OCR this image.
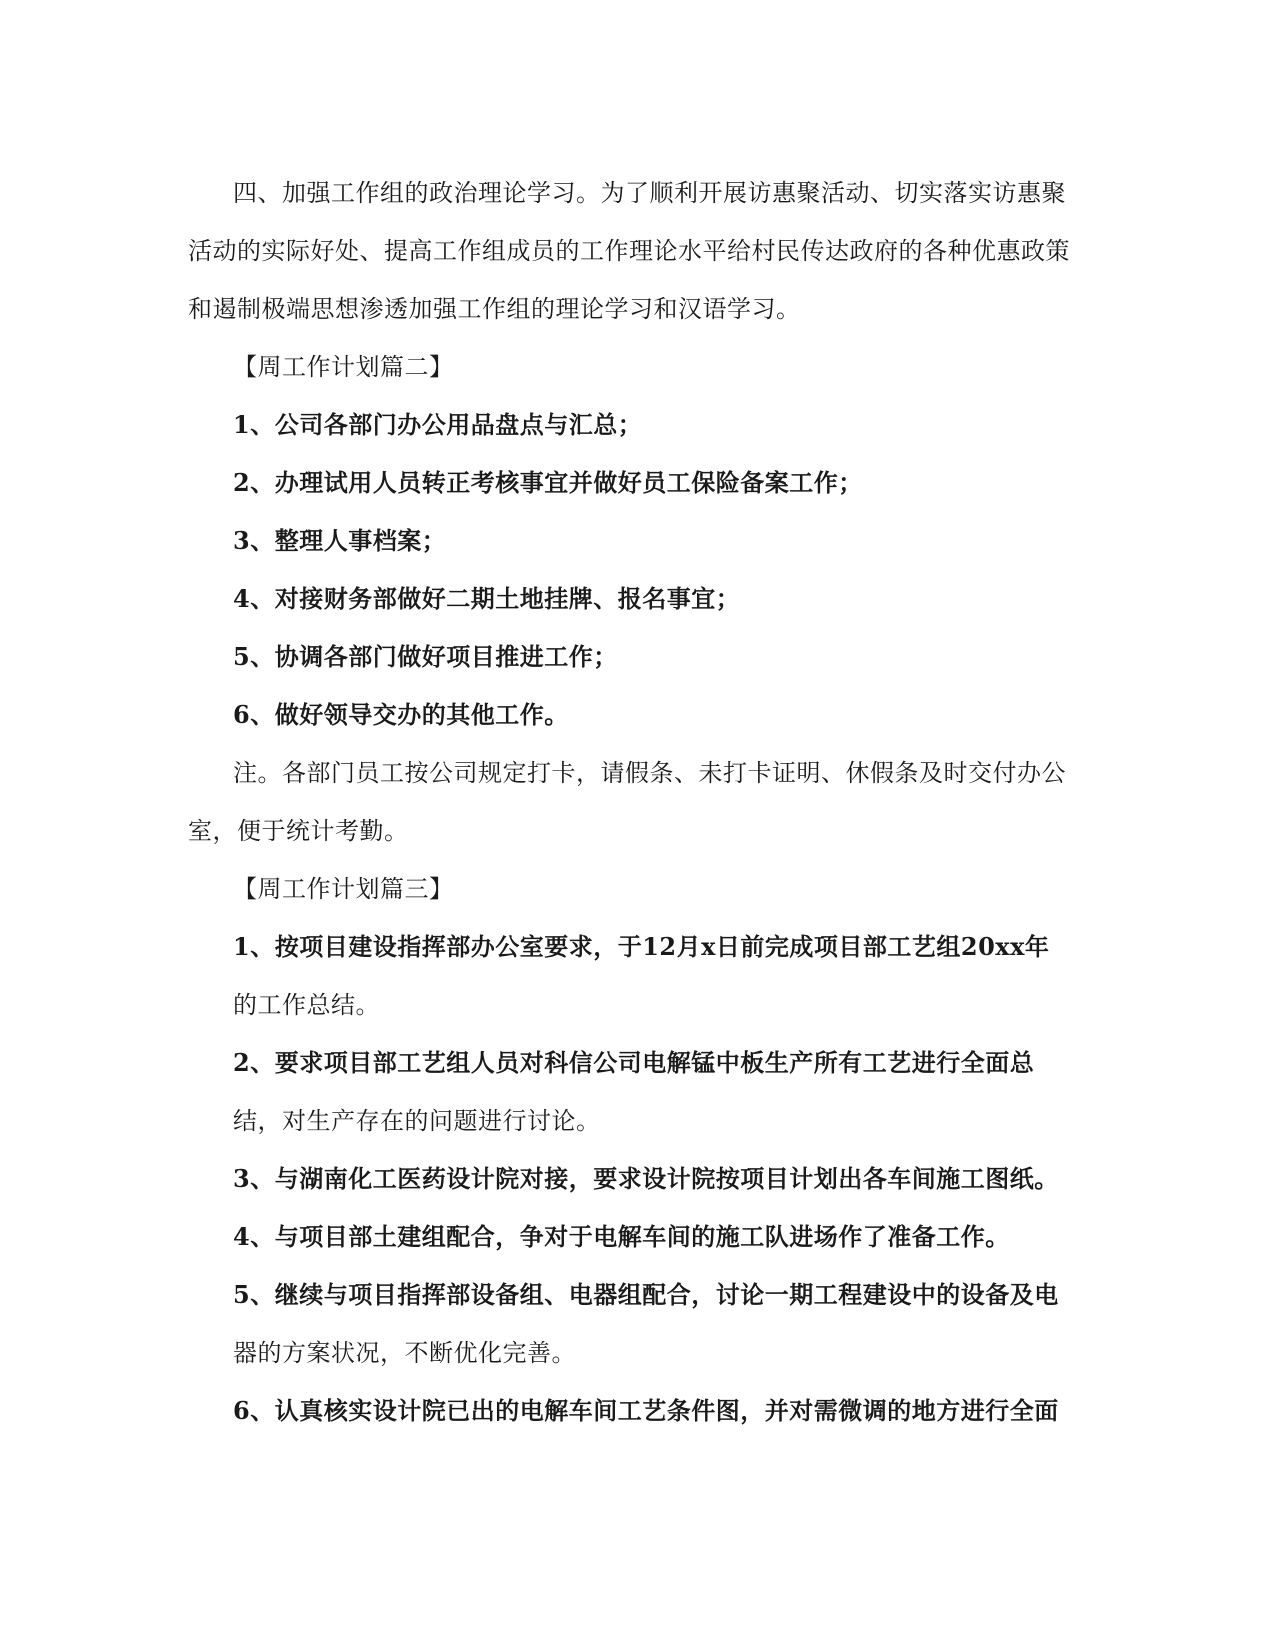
四、加强工作组的政治理论学习。为了顺利开展访惠聚活动、切实落实访惠聚
活动的实际好处、提高工作组成员的工作理论水平给村民传达政府的各种优惠政策
和遏制极端思想渗透加强工作组的理论学习和汉语学习。
【周工作计划篇二】
1、公司各部门办公用品盘点与汇总；
2、办理试用人员转正考核事宜并做好员工保险备案工作；
3、整理人事档案；
4、对接财务部做好二期土地挂牌、报名事宜；
5、协调各部门做好项目推进工作；
6、做好领导交办的其他工作。
注。各部门员工按公司规定打卡，请假条、未打卡证明、休假条及时交付办公
室，便于统计考勤。
【周工作计划篇三】
1、按项目建设指挥部办公室要求，于12月x日前完成项目部工艺组20xx年
的工作总结。
2、要求项目部工艺组人员对科信公司电解锰中板生产所有工艺进行全面总
结，对生产存在的问题进行讨论。
3、与湖南化工医药设计院对接，要求设计院按项目计划出各车间施工图纸。
4、与项目部土建组配合，争对于电解车间的施工队进场作了准备工作。
5、继续与项目指挥部设备组、电器组配合，讨论一期工程建设中的设备及电
器的方案状况，不断优化完善。
6、认真核实设计院已出的电解车间工艺条件图，并对需微调的地方进行全面
